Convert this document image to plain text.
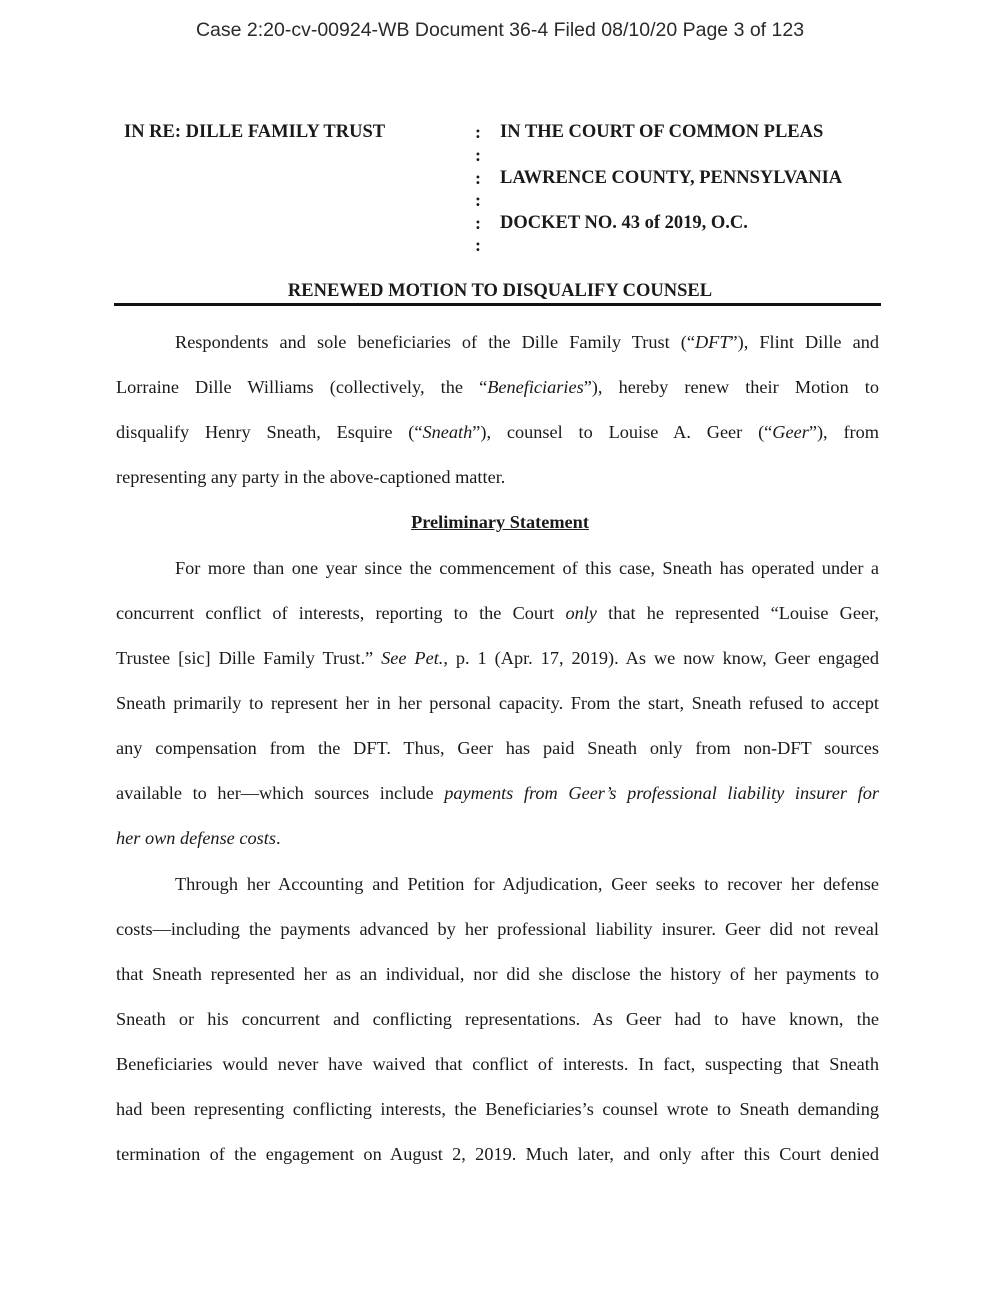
Case 2:20-cv-00924-WB Document 36-4 Filed 08/10/20 Page 3 of 123
IN RE: DILLE FAMILY TRUST	:
:
:
:
:
:
IN THE COURT OF COMMON PLEAS
LAWRENCE COUNTY, PENNSYLVANIA
DOCKET NO. 43 of 2019, O.C.
RENEWED MOTION TO DISQUALIFY COUNSEL
Respondents and sole beneficiaries of the Dille Family Trust (“DFT”), Flint Dille and
Lorraine Dille Williams (collectively, the “Beneficiaries”), hereby renew their Motion to
disqualify Henry Sneath, Esquire (“Sneath”), counsel to Louise A. Geer (“Geer”), from
representing any party in the above-captioned matter.
For more than one year since the commencement of this case, Sneath has operated under a
concurrent conflict of interests, reporting to the Court only that he represented “Louise Geer,
Trustee [sic] Dille Family Trust.” See Pet., p. 1 (Apr. 17, 2019). As we now know, Geer engaged
Sneath primarily to represent her in her personal capacity. From the start, Sneath refused to accept
any compensation from the DFT. Thus, Geer has paid Sneath only from non-DFT sources
available to her—which sources include payments from Geer’s professional liability insurer for
her own defense costs.
Through her Accounting and Petition for Adjudication, Geer seeks to recover her defense
costs—including the payments advanced by her professional liability insurer. Geer did not reveal
that Sneath represented her as an individual, nor did she disclose the history of her payments to
Sneath or his concurrent and conflicting representations. As Geer had to have known, the
Beneficiaries would never have waived that conflict of interests. In fact, suspecting that Sneath
had been representing conflicting interests, the Beneficiaries’s counsel wrote to Sneath demanding
termination of the engagement on August 2, 2019. Much later, and only after this Court denied
Preliminary Statement
